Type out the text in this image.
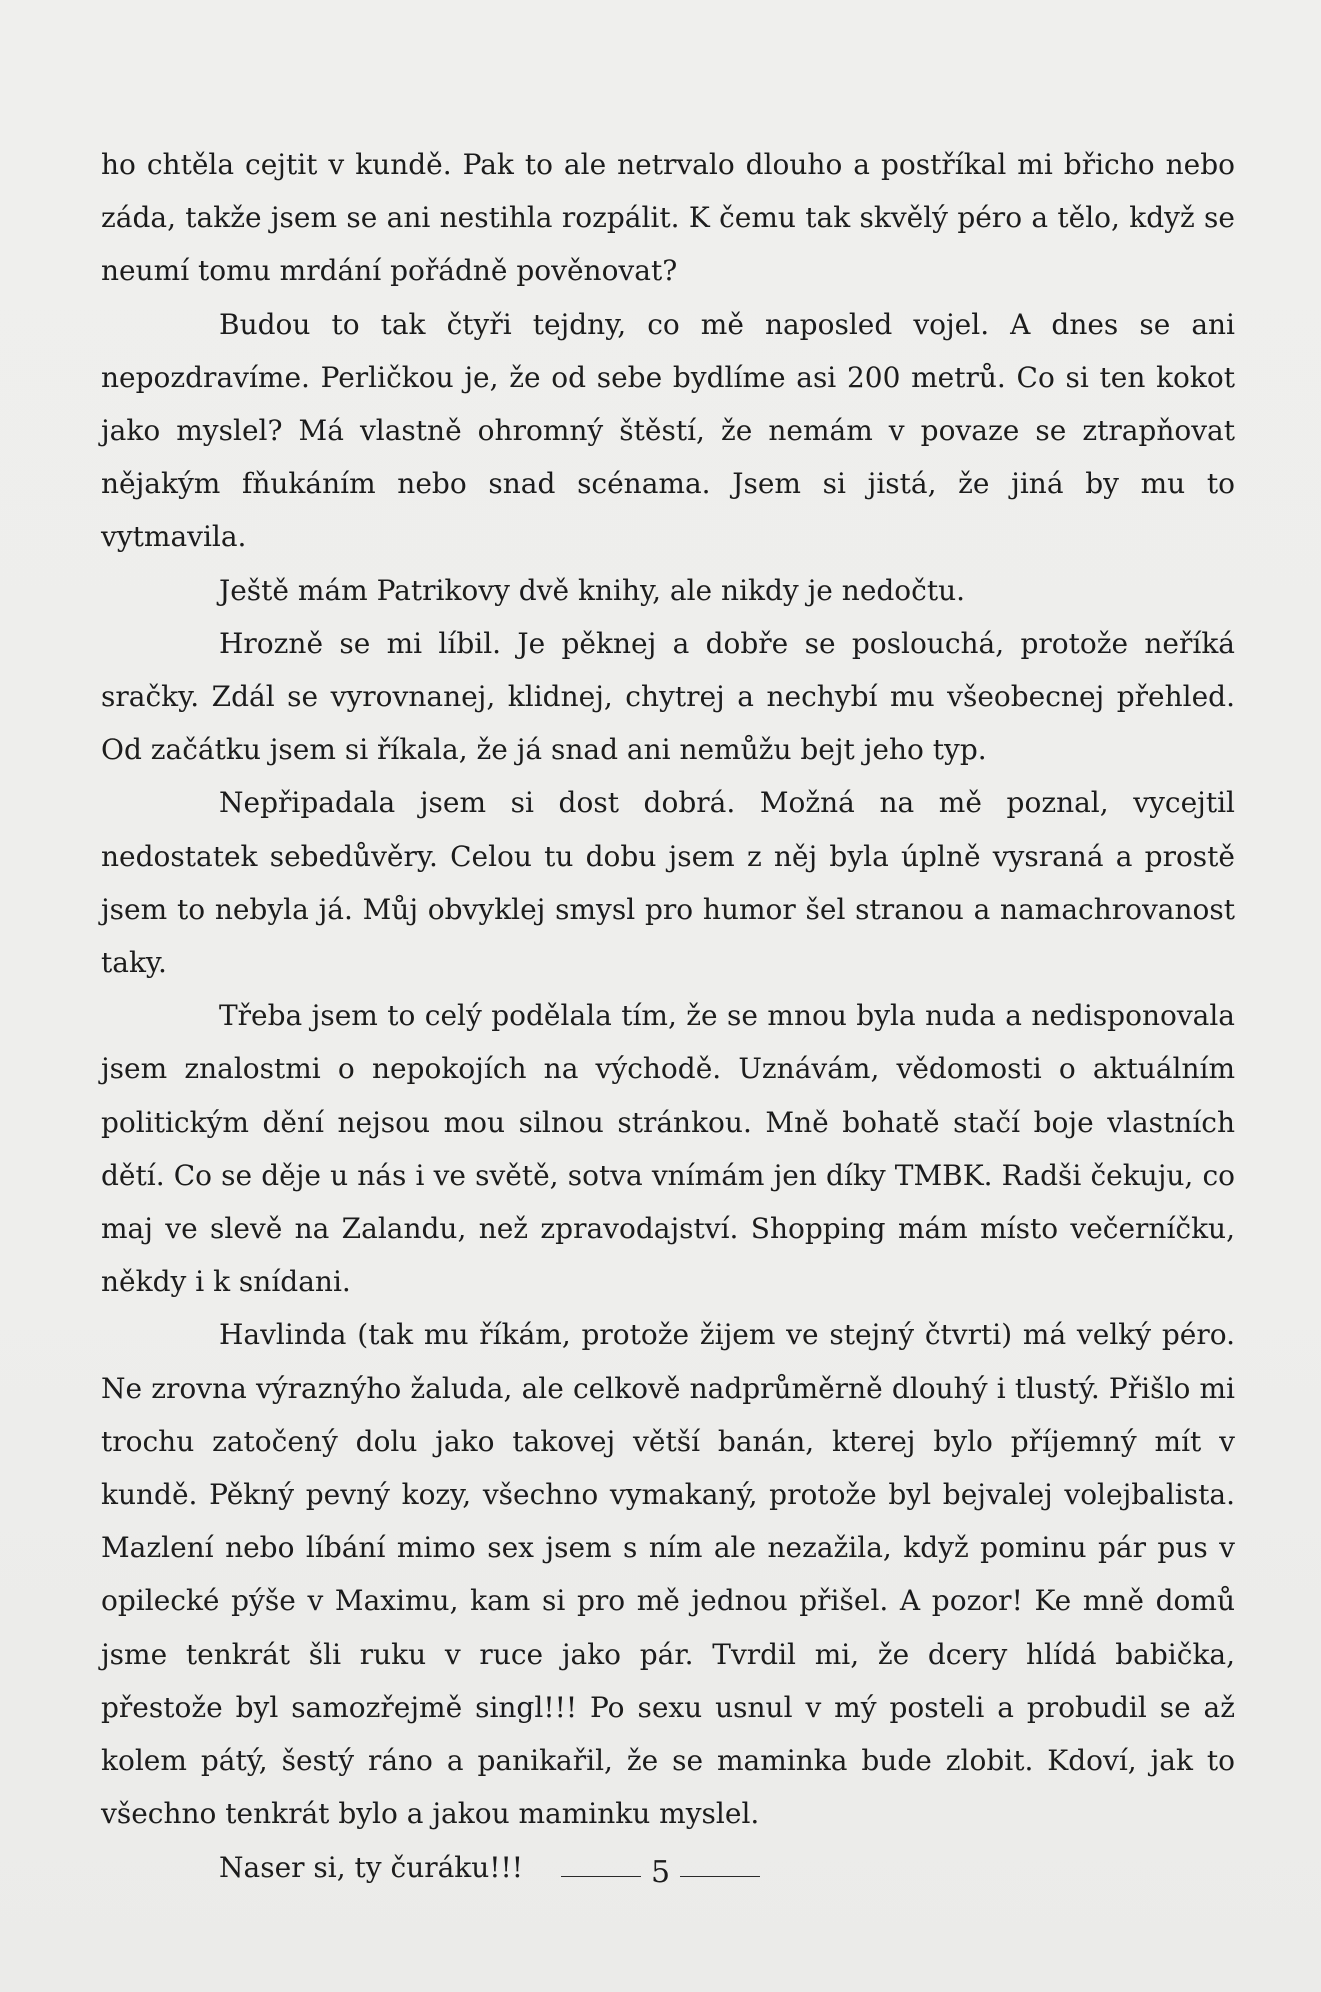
ho chtěla cejtit v kundě. Pak to ale netrvalo dlouho a postříkal mi břicho nebo záda, takže jsem se ani nestihla rozpálit. K čemu tak skvělý péro a tělo, když se neumí tomu mrdání pořádně pověnovat?

Budou to tak čtyři tejdny, co mě naposled vojel. A dnes se ani nepozdravíme. Perličkou je, že od sebe bydlíme asi 200 metrů. Co si ten kokot jako myslel? Má vlastně ohromný štěstí, že nemám v povaze se ztrapňovat nějakým fňukáním nebo snad scénama. Jsem si jistá, že jiná by mu to vytmavila.

Ještě mám Patrikovy dvě knihy, ale nikdy je nedočtu.

Hrozně se mi líbil. Je pěknej a dobře se poslouchá, protože neříká sračky. Zdál se vyrovnanej, klidnej, chytrej a nechybí mu všeobecnej přehled. Od začátku jsem si říkala, že já snad ani nemůžu bejt jeho typ.

Nepřipadala jsem si dost dobrá. Možná na mě poznal, vycejtil nedostatek sebedůvěry. Celou tu dobu jsem z něj byla úplně vysraná a prostě jsem to nebyla já. Můj obvyklej smysl pro humor šel stranou a namachrovanost taky.

Třeba jsem to celý podělala tím, že se mnou byla nuda a nedisponovala jsem znalostmi o nepokojích na východě. Uznávám, vědomosti o aktuálním politickým dění nejsou mou silnou stránkou. Mně bohatě stačí boje vlastních dětí. Co se děje u nás i ve světě, sotva vnímám jen díky TMBK. Radši čekuju, co maj ve slevě na Zalandu, než zpravodajství. Shopping mám místo večerníčku, někdy i k snídani.

Havlinda (tak mu říkám, protože žijem ve stejný čtvrti) má velký péro. Ne zrovna výraznýho žaluda, ale celkově nadprůměrně dlouhý i tlustý. Přišlo mi trochu zatočený dolu jako takovej větší banán, kterej bylo příjemný mít v kundě. Pěkný pevný kozy, všechno vymakaný, protože byl bejvalej volejbalista. Mazlení nebo líbání mimo sex jsem s ním ale nezažila, když pominu pár pus v opilecké pýše v Maximu, kam si pro mě jednou přišel. A pozor! Ke mně domů jsme tenkrát šli ruku v ruce jako pár. Tvrdil mi, že dcery hlídá babička, přestože byl samozřejmě singl!!! Po sexu usnul v mý posteli a probudil se až kolem pátý, šestý ráno a panikařil, že se maminka bude zlobit. Kdoví, jak to všechno tenkrát bylo a jakou maminku myslel.

Naser si, ty čuráku!!!	5
